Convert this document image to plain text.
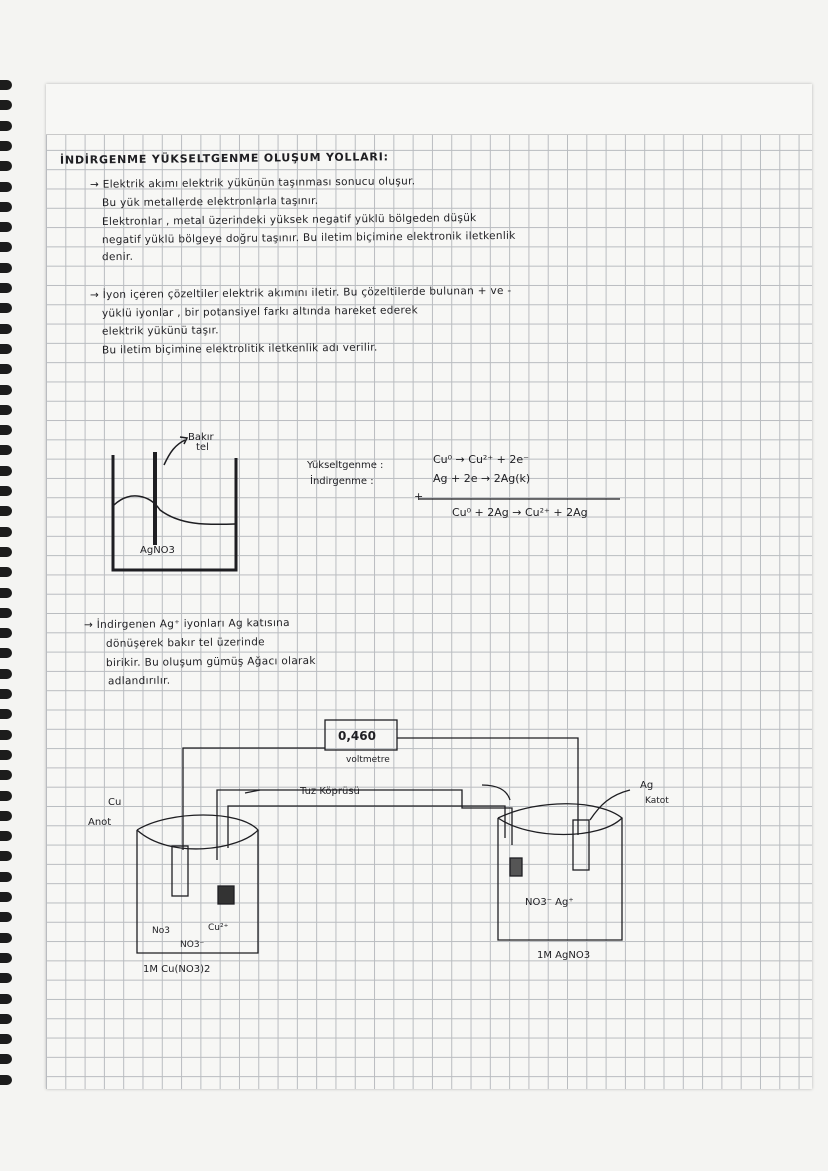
İNDİRGENME YÜKSELTGENME OLUŞUM YOLLARI:
→ Elektrik akımı elektrik yükünün taşınması sonucu oluşur.
Bu yük metallerde elektronlarla taşınır.
Elektronlar , metal üzerindeki yüksek negatif yüklü bölgeden düşük
negatif yüklü bölgeye doğru taşınır. Bu iletim biçimine elektronik iletkenlik
denir.
→ İyon içeren çözeltiler elektrik akımını iletir. Bu çözeltilerde bulunan + ve -
yüklü iyonlar , bir potansiyel farkı altında hareket ederek
elektrik yükünü taşır.
Bu iletim biçimine elektrolitik iletkenlik adı verilir.
→ İndirgenen Ag⁺ iyonları Ag katısına
dönüşerek bakır tel üzerinde
birikir. Bu oluşum gümüş Ağacı olarak
adlandırılır.
Bakır
tel
AgNO3
Yükseltgenme :
İndirgenme :
Cu⁰ → Cu²⁺ + 2e⁻
Ag + 2e → 2Ag(k)
+
Cu⁰ + 2Ag → Cu²⁺ + 2Ag
0,460
voltmetre
Tuz Köprüsü
Cu
Anot
No3	Cu²⁺
NO3⁻
1M Cu(NO3)2
Ag
Katot
NO3⁻ Ag⁺
1M AgNO3
